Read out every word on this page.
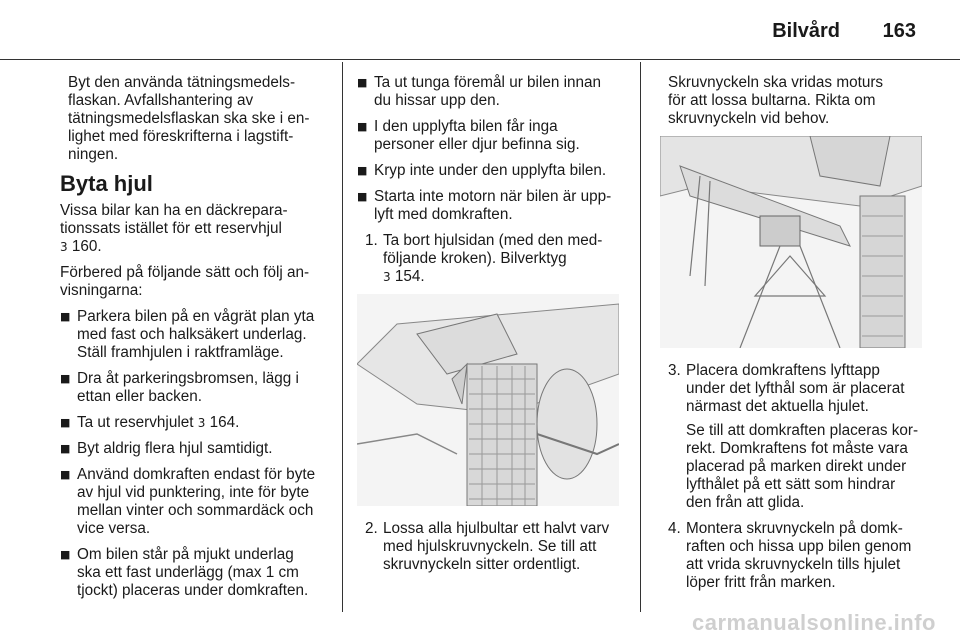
Bilvård 163

Byt den använda tätningsmedels-
flaskan. Avfallshantering av
tätningsmedelsflaskan ska ske i en-
lighet med föreskrifterna i lagstift-
ningen.

Byta hjul

Vissa bilar kan ha en däckrepara-
tionssats istället för ett reservhjul
3 160.

Förbered på följande sätt och följ an-
visningarna:

■ Parkera bilen på en vågrät plan yta
med fast och halksäkert underlag.
Ställ framhjulen i raktframläge.
■ Dra åt parkeringsbromsen, lägg i
ettan eller backen.
■ Ta ut reservhjulet 3 164.
■ Byt aldrig flera hjul samtidigt.
■ Använd domkraften endast för byte
av hjul vid punktering, inte för byte
mellan vinter och sommardäck och
vice versa.
■ Om bilen står på mjukt underlag
ska ett fast underlägg (max 1 cm
tjockt) placeras under domkraften.
■ Ta ut tunga föremål ur bilen innan
du hissar upp den.
■ I den upplyfta bilen får inga
personer eller djur befinna sig.
■ Kryp inte under den upplyfta bilen.
■ Starta inte motorn när bilen är upp-
lyft med domkraften.
1. Ta bort hjulsidan (med den med-
följande kroken). Bilverktyg
3 154.
2. Lossa alla hjulbultar ett halvt varv
med hjulskruvnyckeln. Se till att
skruvnyckeln sitter ordentligt.

Skruvnyckeln ska vridas moturs
för att lossa bultarna. Rikta om
skruvnyckeln vid behov.

3. Placera domkraftens lyfttapp
under det lyfthål som är placerat
närmast det aktuella hjulet.

Se till att domkraften placeras kor-
rekt. Domkraftens fot måste vara
placerad på marken direkt under
lyfthålet på ett sätt som hindrar
den från att glida.

4. Montera skruvnyckeln på domk-
raften och hissa upp bilen genom
att vrida skruvnyckeln tills hjulet
löper fritt från marken.
carmanualsonline.info
